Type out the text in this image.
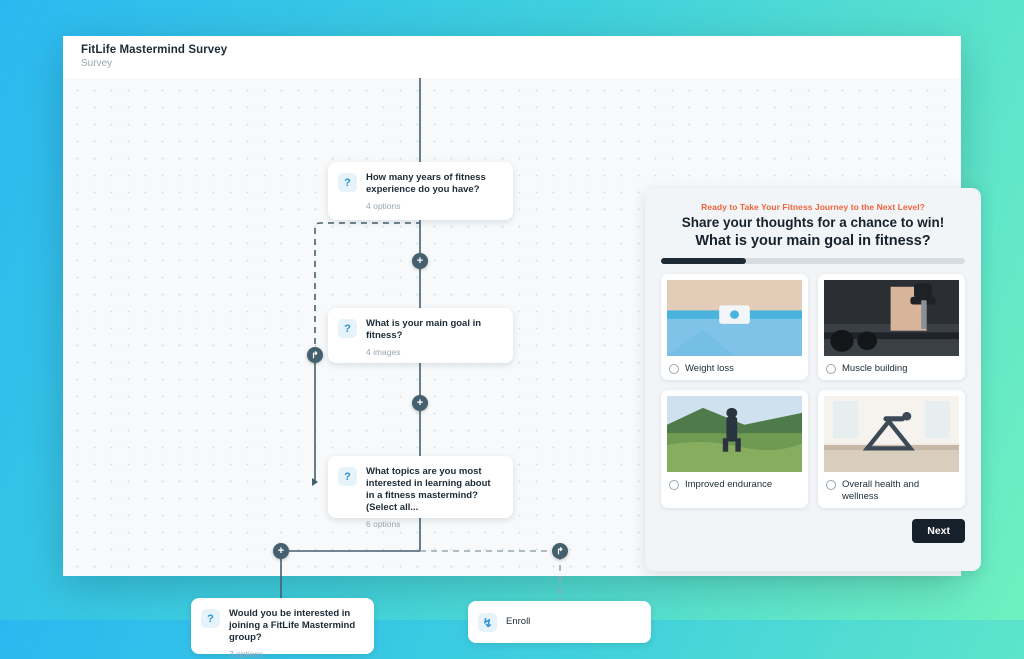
FitLife Mastermind Survey
Survey
?	How many years of fitness experience do you have?
4 options
?	What is your main goal in fitness?
4 images
?	What topics are you most interested in learning about in a fitness mastermind? (Select all...
6 options
?	Would you be interested in joining a FitLife Mastermind group?
3 options
↯	Enroll
+
+
↱
+	↱
Ready to Take Your Fitness Journey to the Next Level?
Share your thoughts for a chance to win!
What is your main goal in fitness?
Weight loss	Muscle building
Improved endurance	Overall health and wellness
Next
